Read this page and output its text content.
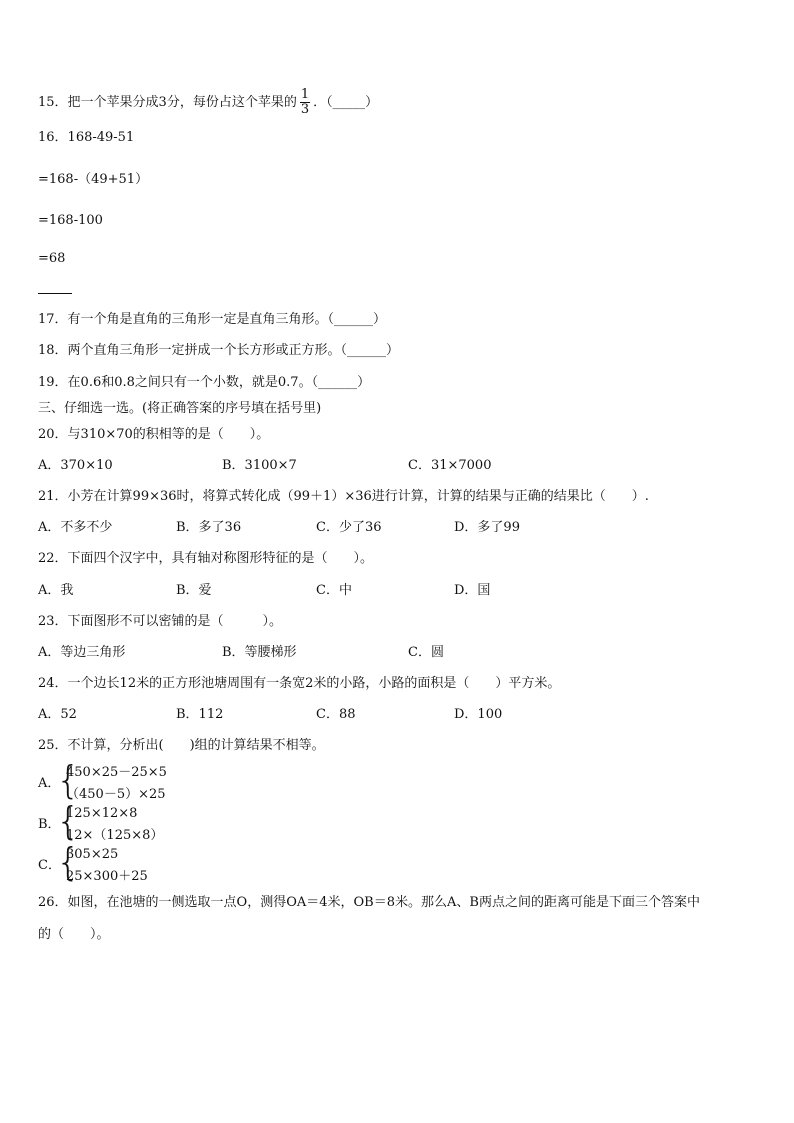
15．把一个苹果分成3分，每份占这个苹果的 $\frac{1}{3}$ ．（_____）
16．168-49-51
=168-（49+51）
=168-100
=68
17．有一个角是直角的三角形一定是直角三角形。（______）
18．两个直角三角形一定拼成一个长方形或正方形。（______）
19．在0.6和0.8之间只有一个小数，就是0.7。（______）
三、仔细选一选。(将正确答案的序号填在括号里)
20．与310×70的积相等的是（　　）。
A．370×10	B．3100×7	C．31×7000
21．小芳在计算99×36时，将算式转化成（99＋1）×36进行计算，计算的结果与正确的结果比（　　）.
A．不多不少	B．多了36	C．少了36	D．多了99
22．下面四个汉字中，具有轴对称图形特征的是（　　）。
A．我	B．爱	C．中	D．国
23．下面图形不可以密铺的是（　　　）。
A．等边三角形	B．等腰梯形	C．圆
24．一个边长12米的正方形池塘周围有一条宽2米的小路，小路的面积是（　　）平方米。
A．52	B．112	C．88	D．100
25．不计算，分析出(　　)组的计算结果不相等。
A．
{
450×25－25×5
（450－5）×25
B．
{
125×12×8
12×（125×8）
C．
{
305×25
25×300＋25
26．如图，在池塘的一侧选取一点O，测得OA＝4米，OB＝8米。那么A、B两点之间的距离可能是下面三个答案中
的（　　）。
